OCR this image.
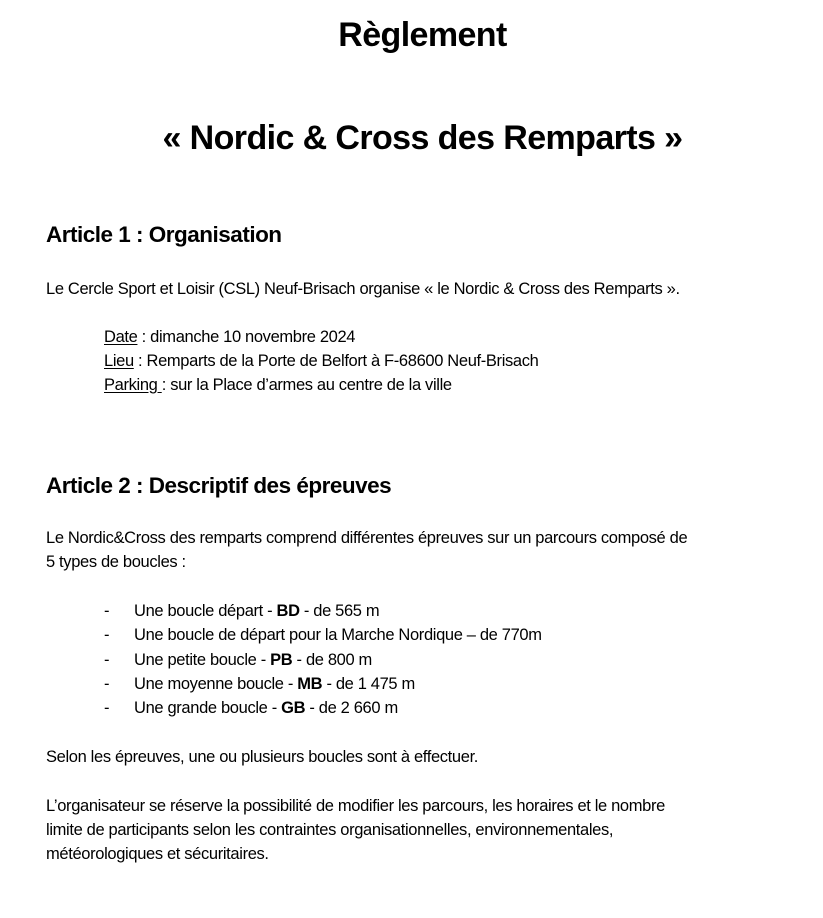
Règlement
« Nordic & Cross des Remparts »
Article 1 : Organisation
Le Cercle Sport et Loisir (CSL) Neuf-Brisach organise « le Nordic & Cross des Remparts ».
Date : dimanche 10 novembre 2024
Lieu : Remparts de la Porte de Belfort à F-68600 Neuf-Brisach
Parking : sur la Place d’armes au centre de la ville
Article 2 : Descriptif des épreuves
Le Nordic&Cross des remparts comprend différentes épreuves sur un parcours composé de
5 types de boucles :
- Une boucle départ - BD - de 565 m
- Une boucle de départ pour la Marche Nordique – de 770m
- Une petite boucle - PB - de 800 m
- Une moyenne boucle - MB - de 1 475 m
- Une grande boucle - GB - de 2 660 m
Selon les épreuves, une ou plusieurs boucles sont à effectuer.
L’organisateur se réserve la possibilité de modifier les parcours, les horaires et le nombre
limite de participants selon les contraintes organisationnelles, environnementales,
météorologiques et sécuritaires.
